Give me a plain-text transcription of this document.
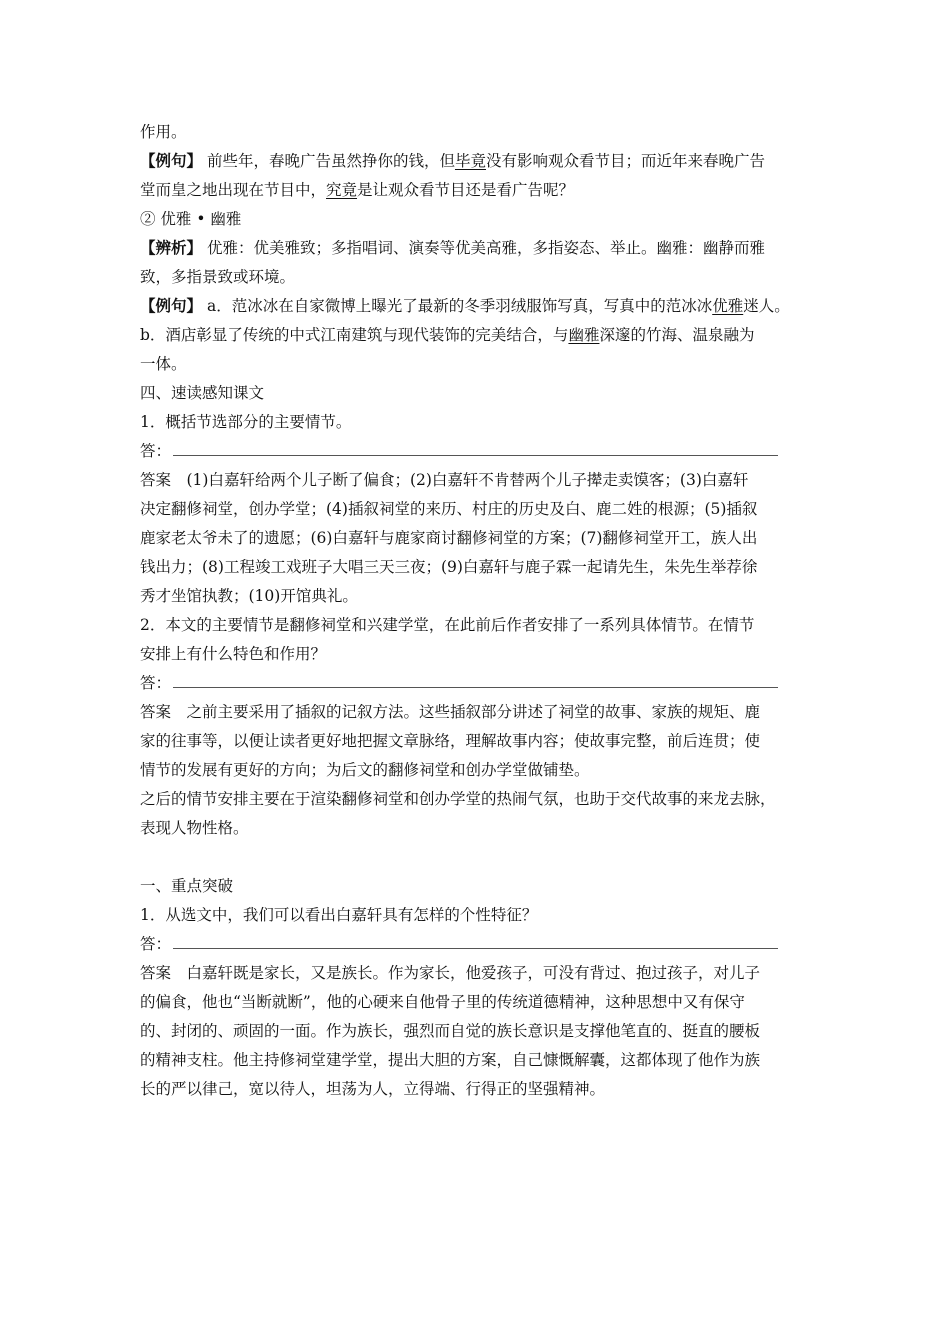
作用。
【例句】 前些年，春晚广告虽然挣你的钱，但毕竟没有影响观众看节目；而近年来春晚广告
堂而皇之地出现在节目中，究竟是让观众看节目还是看广告呢？
② 优雅 • 幽雅
【辨析】 优雅：优美雅致；多指唱词、演奏等优美高雅，多指姿态、举止。幽雅：幽静而雅
致，多指景致或环境。
【例句】 a．范冰冰在自家微博上曝光了最新的冬季羽绒服饰写真，写真中的范冰冰优雅迷人。
b．酒店彰显了传统的中式江南建筑与现代装饰的完美结合，与幽雅深邃的竹海、温泉融为
一体。
四、速读感知课文
1．概括节选部分的主要情节。
答：
答案　(1)白嘉轩给两个儿子断了偏食；(2)白嘉轩不肯替两个儿子撵走卖馍客；(3)白嘉轩
决定翻修祠堂，创办学堂；(4)插叙祠堂的来历、村庄的历史及白、鹿二姓的根源；(5)插叙
鹿家老太爷未了的遗愿；(6)白嘉轩与鹿家商讨翻修祠堂的方案；(7)翻修祠堂开工，族人出
钱出力；(8)工程竣工戏班子大唱三天三夜；(9)白嘉轩与鹿子霖一起请先生，朱先生举荐徐
秀才坐馆执教；(10)开馆典礼。
2．本文的主要情节是翻修祠堂和兴建学堂，在此前后作者安排了一系列具体情节。在情节
安排上有什么特色和作用？
答：
答案　之前主要采用了插叙的记叙方法。这些插叙部分讲述了祠堂的故事、家族的规矩、鹿
家的往事等，以便让读者更好地把握文章脉络，理解故事内容；使故事完整，前后连贯；使
情节的发展有更好的方向；为后文的翻修祠堂和创办学堂做铺垫。
之后的情节安排主要在于渲染翻修祠堂和创办学堂的热闹气氛，也助于交代故事的来龙去脉，
表现人物性格。
一、重点突破
1．从选文中，我们可以看出白嘉轩具有怎样的个性特征？
答：
答案　白嘉轩既是家长，又是族长。作为家长，他爱孩子，可没有背过、抱过孩子，对儿子
的偏食，他也“当断就断”，他的心硬来自他骨子里的传统道德精神，这种思想中又有保守
的、封闭的、顽固的一面。作为族长，强烈而自觉的族长意识是支撑他笔直的、挺直的腰板
的精神支柱。他主持修祠堂建学堂，提出大胆的方案，自己慷慨解囊，这都体现了他作为族
长的严以律己，宽以待人，坦荡为人，立得端、行得正的坚强精神。
